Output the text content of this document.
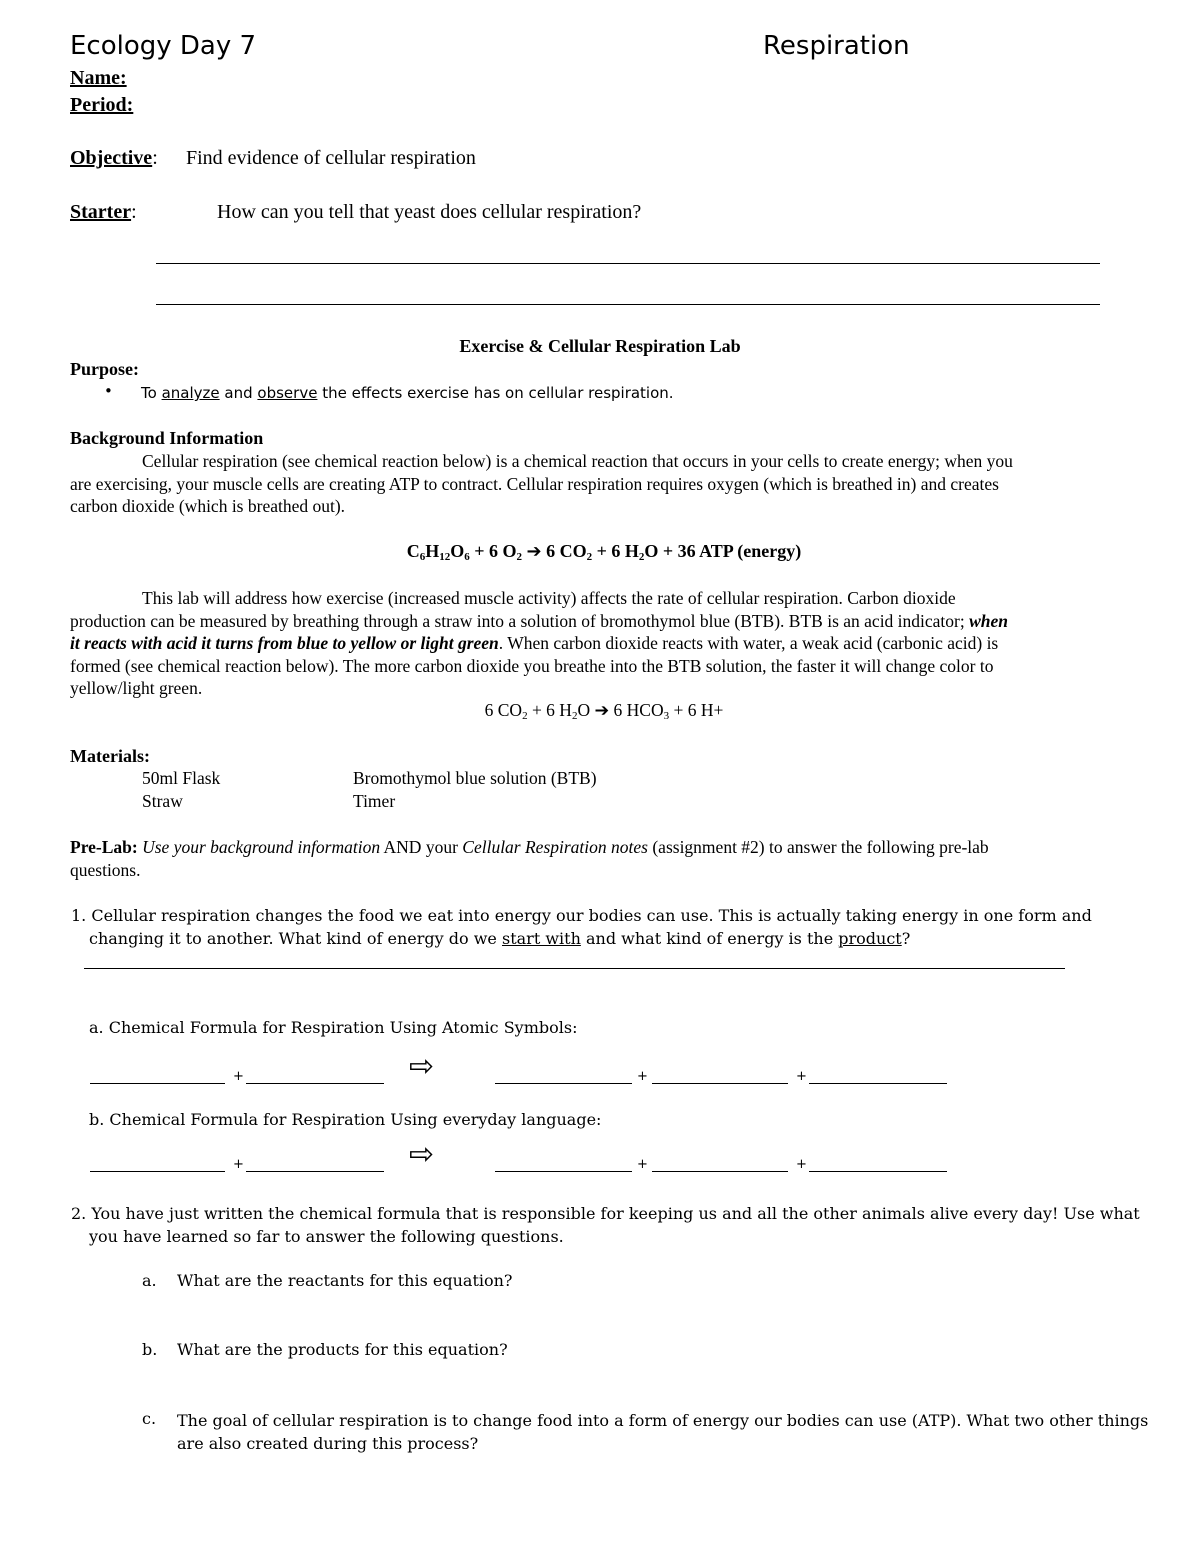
Ecology Day 7	Respiration
Name:
Period:
Objective: Find evidence of cellular respiration
Starter:	How can you tell that yeast does cellular respiration?
Exercise & Cellular Respiration Lab
Purpose:
• To analyze and observe the effects exercise has on cellular respiration.
Background Information
Cellular respiration (see chemical reaction below) is a chemical reaction that occurs in your cells to create energy; when you
are exercising, your muscle cells are creating ATP to contract. Cellular respiration requires oxygen (which is breathed in) and creates
carbon dioxide (which is breathed out).
$C_6H_{12}O_6 + 6$ $O_2$ ➔ 6 $CO_2 + 6$ $H_2O + 36$ ATP (energy)
This lab will address how exercise (increased muscle activity) affects the rate of cellular respiration. Carbon dioxide
production can be measured by breathing through a straw into a solution of bromothymol blue (BTB). BTB is an acid indicator; when
it reacts with acid it turns from blue to yellow or light green. When carbon dioxide reacts with water, a weak acid (carbonic acid) is
formed (see chemical reaction below). The more carbon dioxide you breathe into the BTB solution, the faster it will change color to
yellow/light green.
6 $CO_2 + 6$ $H_2O$ ➔ 6 $HCO_3 + 6$ H+
Materials:
50ml Flask	Bromothymol blue solution (BTB)
Straw	Timer
Pre-Lab: Use your background information AND your Cellular Respiration notes (assignment #2) to answer the following pre-lab
questions.
1. Cellular respiration changes the food we eat into energy our bodies can use. This is actually taking energy in one form and
changing it to another. What kind of energy do we start with and what kind of energy is the product?
a. Chemical Formula for Respiration Using Atomic Symbols:
+	⇨	+	+
b. Chemical Formula for Respiration Using everyday language:
+	⇨	+	+
2. You have just written the chemical formula that is responsible for keeping us and all the other animals alive every day! Use what
you have learned so far to answer the following questions.
a. What are the reactants for this equation?
b. What are the products for this equation?
c. The goal of cellular respiration is to change food into a form of energy our bodies can use (ATP). What two other things
are also created during this process?
